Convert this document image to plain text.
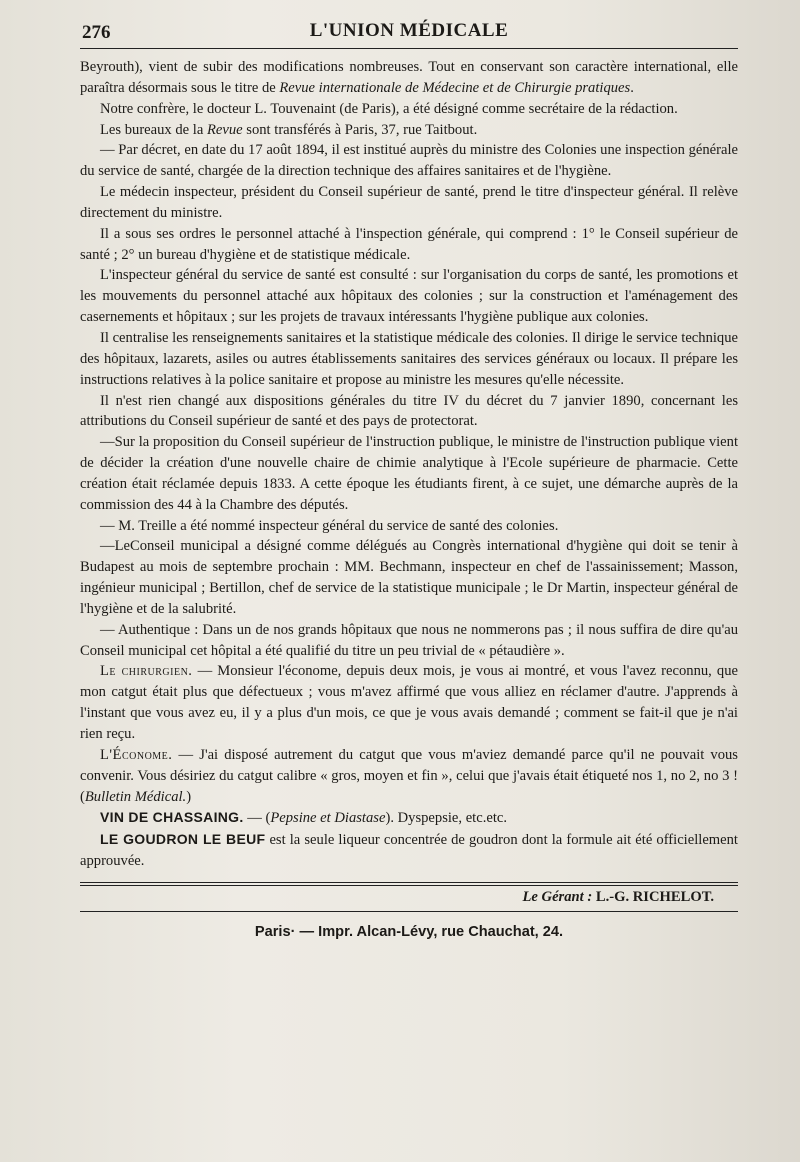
276	L'UNION MÉDICALE

Beyrouth), vient de subir des modifications nombreuses. Tout en conservant son caractère international, elle paraîtra désormais sous le titre de Revue internationale de Médecine et de Chirurgie pratiques.

Notre confrère, le docteur L. Touvenaint (de Paris), a été désigné comme secrétaire de la rédaction.

Les bureaux de la Revue sont transférés à Paris, 37, rue Taitbout.

— Par décret, en date du 17 août 1894, il est institué auprès du ministre des Colonies une inspection générale du service de santé, chargée de la direction technique des affaires sanitaires et de l'hygiène.

Le médecin inspecteur, président du Conseil supérieur de santé, prend le titre d'inspecteur général. Il relève directement du ministre.

Il a sous ses ordres le personnel attaché à l'inspection générale, qui comprend : 1° le Conseil supérieur de santé ; 2° un bureau d'hygiène et de statistique médicale.

L'inspecteur général du service de santé est consulté : sur l'organisation du corps de santé, les promotions et les mouvements du personnel attaché aux hôpitaux des colonies ; sur la construction et l'aménagement des casernements et hôpitaux ; sur les projets de travaux intéressants l'hygiène publique aux colonies.

Il centralise les renseignements sanitaires et la statistique médicale des colonies. Il dirige le service technique des hôpitaux, lazarets, asiles ou autres établissements sanitaires des services généraux ou locaux. Il prépare les instructions relatives à la police sanitaire et propose au ministre les mesures qu'elle nécessite.

Il n'est rien changé aux dispositions générales du titre IV du décret du 7 janvier 1890, concernant les attributions du Conseil supérieur de santé et des pays de protectorat.

—Sur la proposition du Conseil supérieur de l'instruction publique, le ministre de l'instruction publique vient de décider la création d'une nouvelle chaire de chimie analytique à l'Ecole supérieure de pharmacie. Cette création était réclamée depuis 1833. A cette époque les étudiants firent, à ce sujet, une démarche auprès de la commission des 44 à la Chambre des députés.

— M. Treille a été nommé inspecteur général du service de santé des colonies.

—LeConseil municipal a désigné comme délégués au Congrès international d'hygiène qui doit se tenir à Budapest au mois de septembre prochain : MM. Bechmann, inspecteur en chef de l'assainissement; Masson, ingénieur municipal ; Bertillon, chef de service de la statistique municipale ; le Dr Martin, inspecteur général de l'hygiène et de la salubrité.

— Authentique : Dans un de nos grands hôpitaux que nous ne nommerons pas ; il nous suffira de dire qu'au Conseil municipal cet hôpital a été qualifié du titre un peu trivial de « pétaudière ».

Le chirurgien. — Monsieur l'économe, depuis deux mois, je vous ai montré, et vous l'avez reconnu, que mon catgut était plus que défectueux ; vous m'avez affirmé que vous alliez en réclamer d'autre. J'apprends à l'instant que vous avez eu, il y a plus d'un mois, ce que je vous avais demandé ; comment se fait-il que je n'ai rien reçu.

L'Économe. — J'ai disposé autrement du catgut que vous m'aviez demandé parce qu'il ne pouvait vous convenir. Vous désiriez du catgut calibre « gros, moyen et fin », celui que j'avais était étiqueté nos 1, no 2, no 3 ! (Bulletin Médical.)

VIN DE CHASSAING. — (Pepsine et Diastase). Dyspepsie, etc.etc.

LE GOUDRON LE BEUF est la seule liqueur concentrée de goudron dont la formule ait été officiellement approuvée.

Le Gérant : L.-G. RICHELOT.
Paris· — Impr. Alcan-Lévy, rue Chauchat, 24.
